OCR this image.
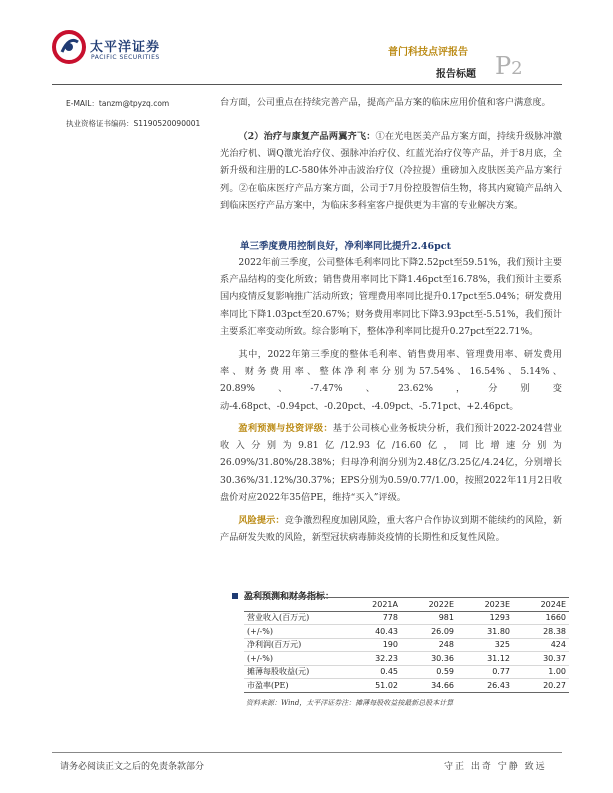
太平洋证券
PACIFIC SECURITIES	普门科技点评报告
报告标题 P2
E-MAIL：tanzm@tpyzq.com
执业资格证书编码：S1190520090001
台方面，公司重点在持续完善产品，提高产品方案的临床应用价值和客户满意度。
（2）治疗与康复产品两翼齐飞：①在光电医美产品方案方面，持续升级脉冲激光治疗机、调Q激光治疗仪、强脉冲治疗仪、红蓝光治疗仪等产品，并于8月底，全新升级和注册的LC-580体外冲击波治疗仪（冷拉提）重磅加入皮肤医美产品方案行列。②在临床医疗产品方案方面，公司于7月份控股智信生物，将其内窥镜产品纳入到临床医疗产品方案中，为临床多科室客户提供更为丰富的专业解决方案。
单三季度费用控制良好，净利率同比提升2.46pct
2022年前三季度，公司整体毛利率同比下降2.52pct至59.51%，我们预计主要系产品结构的变化所致；销售费用率同比下降1.46pct至16.78%，我们预计主要系国内疫情反复影响推广活动所致；管理费用率同比提升0.17pct至5.04%；研发费用率同比下降1.03pct至20.67%；财务费用率同比下降3.93pct至-5.51%，我们预计主要系汇率变动所致。综合影响下，整体净利率同比提升0.27pct至22.71%。
其中，2022年第三季度的整体毛利率、销售费用率、管理费用率、研发费用率、财务费用率、整体净利率分别为57.54%、16.54%、5.14%、20.89%、-7.47%、23.62%，分别变动-4.68pct、-0.94pct、-0.20pct、-4.09pct、-5.71pct、+2.46pct。
盈利预测与投资评级：基于公司核心业务板块分析，我们预计2022-2024营业收入分别为9.81亿/12.93亿/16.60亿，同比增速分别为26.09%/31.80%/28.38%；归母净利润分别为2.48亿/3.25亿/4.24亿，分别增长30.36%/31.12%/30.37%；EPS分别为0.59/0.77/1.00，按照2022年11月2日收盘价对应2022年35倍PE，维持“买入”评级。
风险提示：竞争激烈程度加剧风险，重大客户合作协议到期不能续约的风险，新产品研发失败的风险，新型冠状病毒肺炎疫情的长期性和反复性风险。
盈利预测和财务指标：
	2021A	2022E	2023E	2024E
营业收入(百万元)	778	981	1293	1660
(+/-%)	40.43	26.09	31.80	28.38
净利润(百万元)	190	248	325	424
(+/-%)	32.23	30.36	31.12	30.37
摊薄每股收益(元)	0.45	0.59	0.77	1.00
市盈率(PE)	51.02	34.66	26.43	20.27
资料来源：Wind，太平洋证券注：摊薄每股收益按最新总股本计算
请务必阅读正文之后的免责条款部分	守正 出奇 宁静 致远
